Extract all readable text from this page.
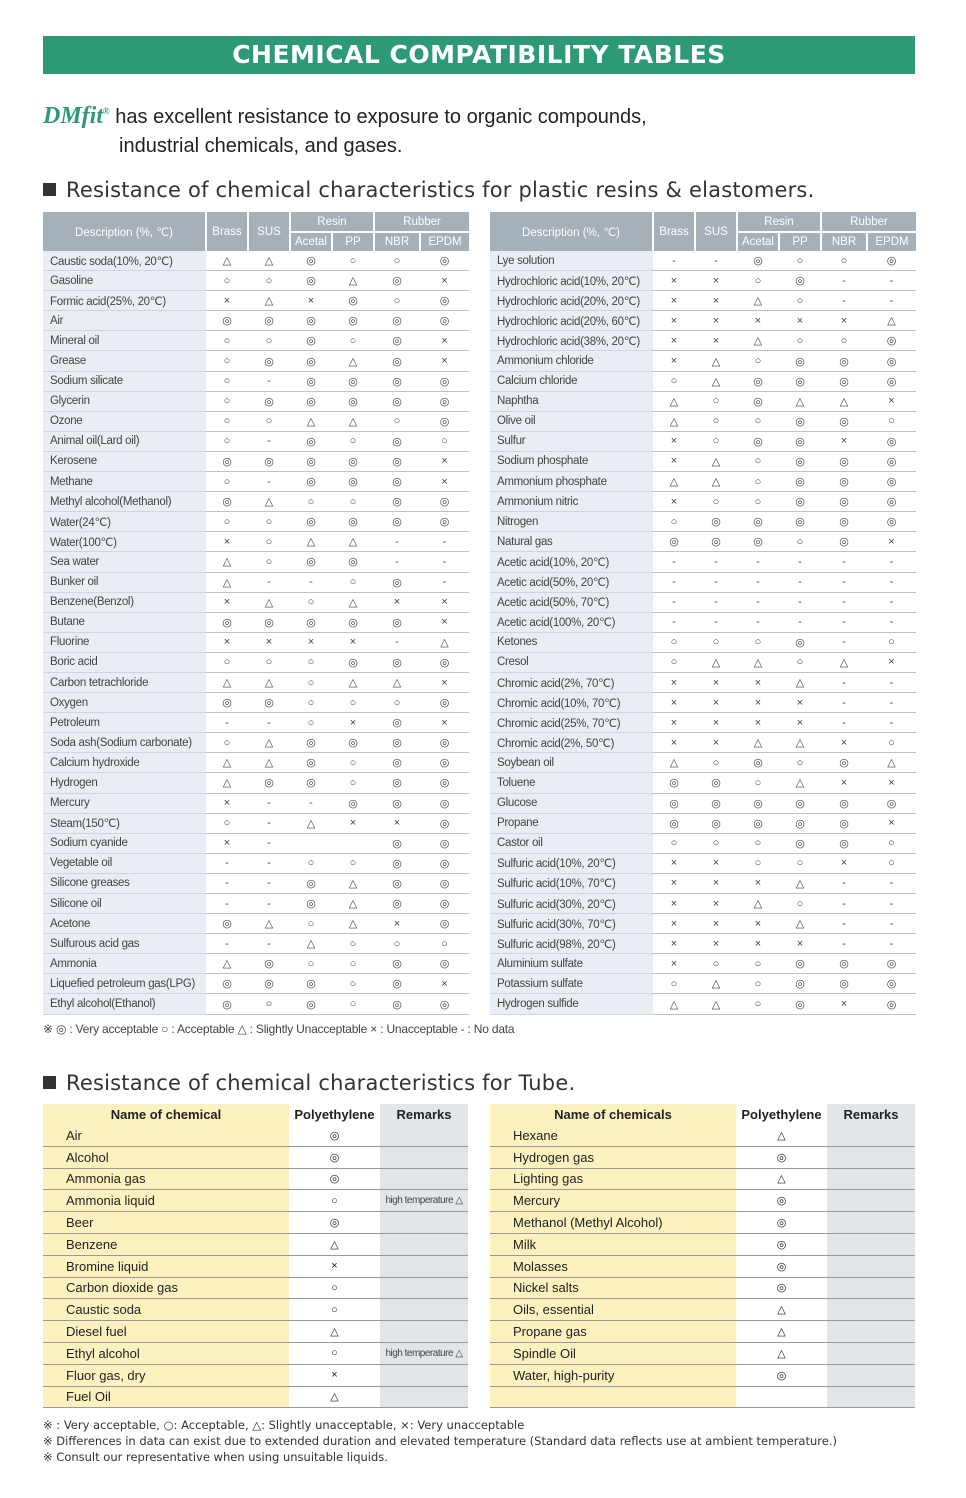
CHEMICAL COMPATIBILITY TABLES
DMfit® has excellent resistance to exposure to organic compounds,
industrial chemicals, and gases.
Resistance of chemical characteristics for plastic resins & elastomers.
Description (%, ℃)	Brass	SUS	Resin		Rubber	
			Acetal	PP	NBR	EPDM
Caustic soda(10%, 20℃)	△	△	◎	○	○	◎
Gasoline	○	○	◎	△	◎	×
Formic acid(25%, 20℃)	×	△	×	◎	○	◎
Air	◎	◎	◎	◎	◎	◎
Mineral oil	○	○	◎	○	◎	×
Grease	○	◎	◎	△	◎	×
Sodium silicate	○	-	◎	◎	◎	◎
Glycerin	○	◎	◎	◎	◎	◎
Ozone	○	○	△	△	○	◎
Animal oil(Lard oil)	○	-	◎	○	◎	○
Kerosene	◎	◎	◎	◎	◎	×
Methane	○	-	◎	◎	◎	×
Methyl alcohol(Methanol)	◎	△	○	○	◎	◎
Water(24℃)	○	○	◎	◎	◎	◎
Water(100℃)	×	○	△	△	-	-
Sea water	△	○	◎	◎	-	-
Bunker oil	△	-	-	○	◎	-
Benzene(Benzol)	×	△	○	△	×	×
Butane	◎	◎	◎	◎	◎	×
Fluorine	×	×	×	×	-	△
Boric acid	○	○	○	◎	◎	◎
Carbon tetrachloride	△	△	○	△	△	×
Oxygen	◎	◎	○	○	○	◎
Petroleum	-	-	○	×	◎	×
Soda ash(Sodium carbonate)	○	△	◎	◎	◎	◎
Calcium hydroxide	△	△	◎	○	◎	◎
Hydrogen	△	◎	◎	○	◎	◎
Mercury	×	-	-	◎	◎	◎
Steam(150℃)	○	-	△	×	×	◎
Sodium cyanide	×	-			◎	◎
Vegetable oil	-	-	○	○	◎	◎
Silicone greases	-	-	◎	△	◎	◎
Silicone oil	-	-	◎	△	◎	◎
Acetone	◎	△	○	△	×	◎
Sulfurous acid gas	-	-	△	○	○	○
Ammonia	△	◎	○	○	◎	◎
Liquefied petroleum gas(LPG)	◎	◎	◎	○	◎	×
Ethyl alcohol(Ethanol)	◎	○	◎	○	◎	◎
Description (%, ℃)	Brass	SUS	Resin		Rubber	
			Acetal	PP	NBR	EPDM
Lye solution	-	-	◎	○	○	◎
Hydrochloric acid(10%, 20℃)	×	×	○	◎	-	-
Hydrochloric acid(20%, 20℃)	×	×	△	○	-	-
Hydrochloric acid(20%, 60℃)	×	×	×	×	×	△
Hydrochloric acid(38%, 20℃)	×	×	△	○	○	◎
Ammonium chloride	×	△	○	◎	◎	◎
Calcium chloride	○	△	◎	◎	◎	◎
Naphtha	△	○	◎	△	△	×
Olive oil	△	○	○	◎	◎	○
Sulfur	×	○	◎	◎	×	◎
Sodium phosphate	×	△	○	◎	◎	◎
Ammonium phosphate	△	△	○	◎	◎	◎
Ammonium nitric	×	○	○	◎	◎	◎
Nitrogen	○	◎	◎	◎	◎	◎
Natural gas	◎	◎	◎	○	◎	×
Acetic acid(10%, 20℃)	-	-	-	-	-	-
Acetic acid(50%, 20℃)	-	-	-	-	-	-
Acetic acid(50%, 70℃)	-	-	-	-	-	-
Acetic acid(100%, 20℃)	-	-	-	-	-	-
Ketones	○	○	○	◎	-	○
Cresol	○	△	△	○	△	×
Chromic acid(2%, 70℃)	×	×	×	△	-	-
Chromic acid(10%, 70℃)	×	×	×	×	-	-
Chromic acid(25%, 70℃)	×	×	×	×	-	-
Chromic acid(2%, 50℃)	×	×	△	△	×	○
Soybean oil	△	○	◎	○	◎	△
Toluene	◎	◎	○	△	×	×
Glucose	◎	◎	◎	◎	◎	◎
Propane	◎	◎	◎	◎	◎	×
Castor oil	○	○	○	◎	◎	○
Sulfuric acid(10%, 20℃)	×	×	○	○	×	○
Sulfuric acid(10%, 70℃)	×	×	×	△	-	-
Sulfuric acid(30%, 20℃)	×	×	△	○	-	-
Sulfuric acid(30%, 70℃)	×	×	×	△	-	-
Sulfuric acid(98%, 20℃)	×	×	×	×	-	-
Aluminium sulfate	×	○	○	◎	◎	◎
Potassium sulfate	○	△	○	◎	◎	◎
Hydrogen sulfide	△	△	○	◎	×	◎
※ ◎ : Very acceptable ○ : Acceptable △ : Slightly Unacceptable × : Unacceptable - : No data
Resistance of chemical characteristics for Tube.
Name of chemical	Polyethylene	Remarks
Air	◎	
Alcohol	◎	
Ammonia gas	◎	
Ammonia liquid	○	high temperature △
Beer	◎	
Benzene	△	
Bromine liquid	×	
Carbon dioxide gas	○	
Caustic soda	○	
Diesel fuel	△	
Ethyl alcohol	○	high temperature △
Fluor gas, dry	×	
Fuel Oil	△	
Name of chemicals	Polyethylene	Remarks
Hexane	△	
Hydrogen gas	◎	
Lighting gas	△	
Mercury	◎	
Methanol (Methyl Alcohol)	◎	
Milk	◎	
Molasses	◎	
Nickel salts	◎	
Oils, essential	△	
Propane gas	△	
Spindle Oil	△	
Water, high-purity	◎	

※ : Very acceptable, ○: Acceptable, △: Slightly unacceptable, ×: Very unacceptable
※ Differences in data can exist due to extended duration and elevated temperature (Standard data reflects use at ambient temperature.)
※ Consult our representative when using unsuitable liquids.
